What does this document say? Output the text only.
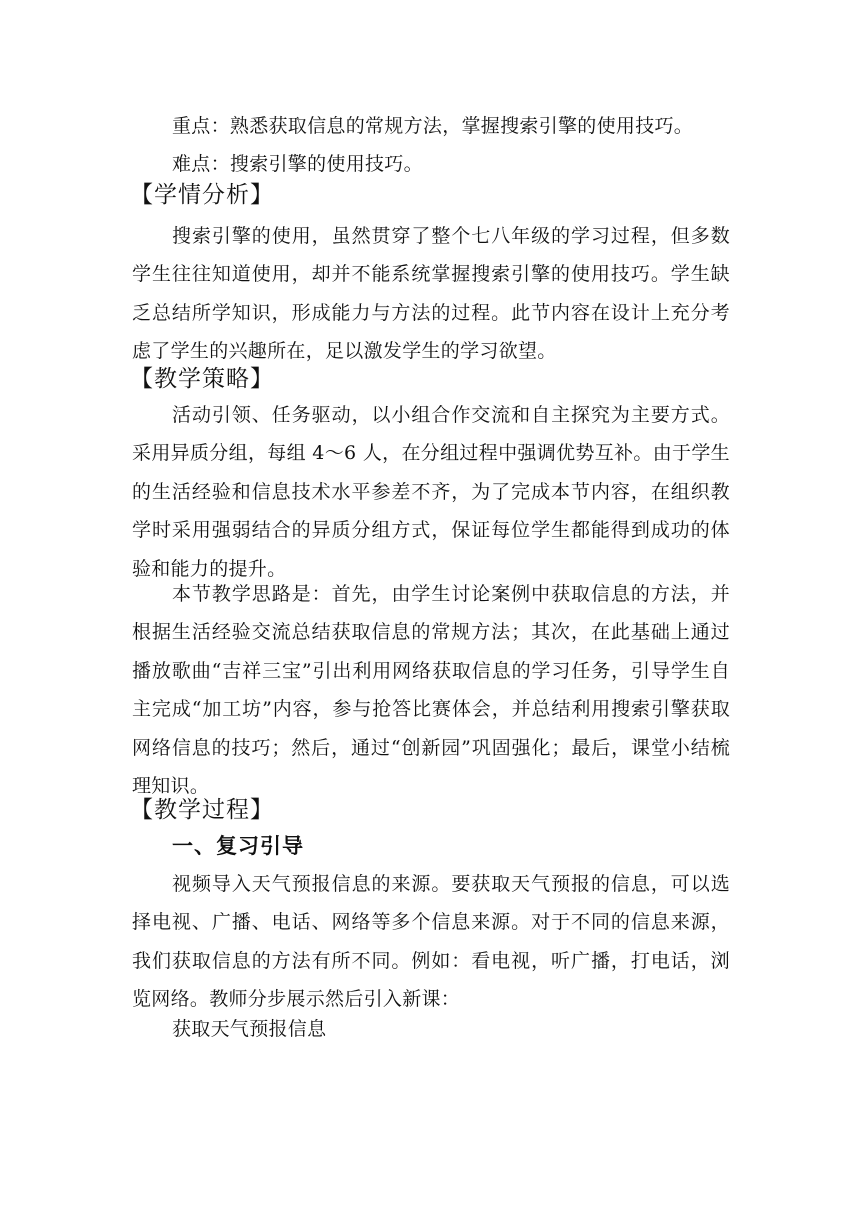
重点：熟悉获取信息的常规方法，掌握搜索引擎的使用技巧。

难点：搜索引擎的使用技巧。

【学情分析】

搜索引擎的使用，虽然贯穿了整个七八年级的学习过程，但多数学生往往知道使用，却并不能系统掌握搜索引擎的使用技巧。学生缺乏总结所学知识，形成能力与方法的过程。此节内容在设计上充分考虑了学生的兴趣所在，足以激发学生的学习欲望。

【教学策略】

活动引领、任务驱动，以小组合作交流和自主探究为主要方式。采用异质分组，每组 4～6 人，在分组过程中强调优势互补。由于学生的生活经验和信息技术水平参差不齐，为了完成本节内容，在组织教学时采用强弱结合的异质分组方式，保证每位学生都能得到成功的体验和能力的提升。

本节教学思路是：首先，由学生讨论案例中获取信息的方法，并根据生活经验交流总结获取信息的常规方法；其次，在此基础上通过播放歌曲“吉祥三宝”引出利用网络获取信息的学习任务，引导学生自主完成“加工坊”内容，参与抢答比赛体会，并总结利用搜索引擎获取网络信息的技巧；然后，通过“创新园”巩固强化；最后，课堂小结梳理知识。

【教学过程】
一、复习引导

视频导入天气预报信息的来源。要获取天气预报的信息，可以选择电视、广播、电话、网络等多个信息来源。对于不同的信息来源，我们获取信息的方法有所不同。例如：看电视，听广播，打电话，浏览网络。教师分步展示然后引入新课：

获取天气预报信息
